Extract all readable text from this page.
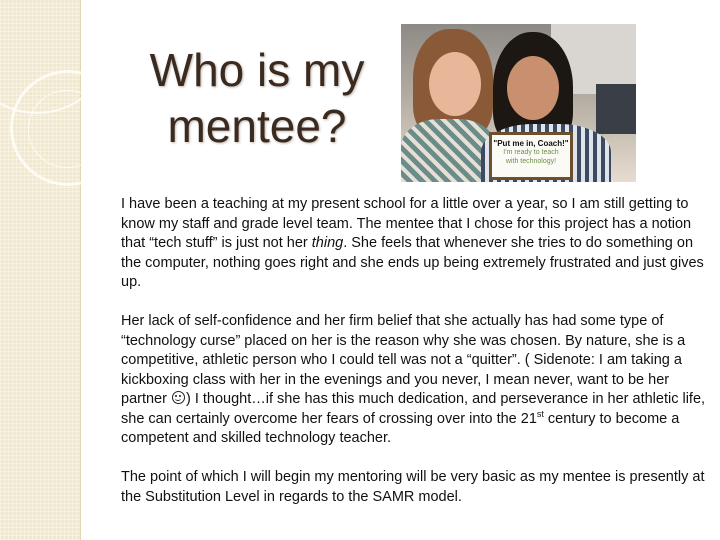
Who is my
mentee?	"Put me in, Coach!"
I'm ready to teach
with technology!

I have been a teaching at my present school for a little over a year, so I am still getting to know my staff and grade level team. The mentee that I chose for this project has a notion that “tech stuff” is just not her thing. She feels that whenever she tries to do something on the computer, nothing goes right and she ends up being extremely frustrated and just gives up.

Her lack of self-confidence and her firm belief that she actually has had some type of “technology curse” placed on her is the reason why she was chosen. By nature, she is a competitive, athletic person who I could tell was not a “quitter”. ( Sidenote: I am taking a kickboxing class with her in the evenings and you never, I mean never, want to be her partner ) I thought…if she has this much dedication, and perseverance in her athletic life, she can certainly overcome her fears of crossing over into the 21st century to become a competent and skilled technology teacher.

The point of which I will begin my mentoring will be very basic as my mentee is presently at the Substitution Level in regards to the SAMR model.
